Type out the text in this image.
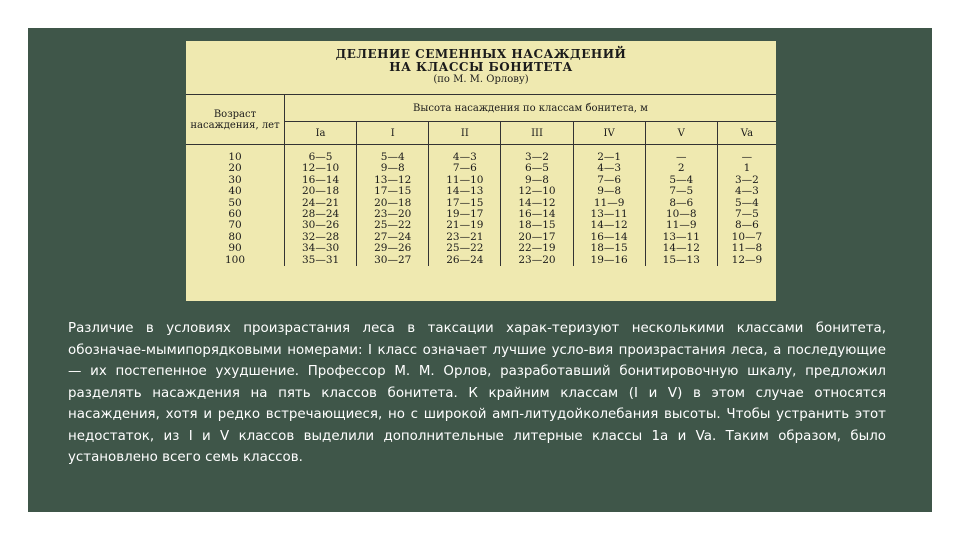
ДЕЛЕНИЕ СЕМЕННЫХ НАСАЖДЕНИЙ

НА КЛАССЫ БОНИТЕТА

(по М. М. Орлову)

Возраст насаждения, лет	Высота насаждения по классам бонитета, м						
	Ia	I	II	III	IV	V	Va
10	6—5	5—4	4—3	3—2	2—1	—	—
20	12—10	9—8	7—6	6—5	4—3	2	1
30	16—14	13—12	11—10	9—8	7—6	5—4	3—2
40	20—18	17—15	14—13	12—10	9—8	7—5	4—3
50	24—21	20—18	17—15	14—12	11—9	8—6	5—4
60	28—24	23—20	19—17	16—14	13—11	10—8	7—5
70	30—26	25—22	21—19	18—15	14—12	11—9	8—6
80	32—28	27—24	23—21	20—17	16—14	13—11	10—7
90	34—30	29—26	25—22	22—19	18—15	14—12	11—8
100	35—31	30—27	26—24	23—20	19—16	15—13	12—9

Различие в условиях произрастания леса в таксации харак-теризуют несколькими классами бонитета, обозначае-мымипорядковыми номерами: I класс означает лучшие усло-вия произрастания леса, а последующие — их постепенное ухудшение. Профессор М. М. Орлов, разработавший бонитировочную шкалу, предложил разделять насаждения на пять классов бонитета. К крайним классам (I и V) в этом случае относятся насаждения, хотя и редко встречающиеся, но с широкой амп-литудойколебания высоты. Чтобы устранить этот недостаток, из I и V классов выделили дополнительные литерные классы 1а и Va. Таким образом, было установлено всего семь классов.
